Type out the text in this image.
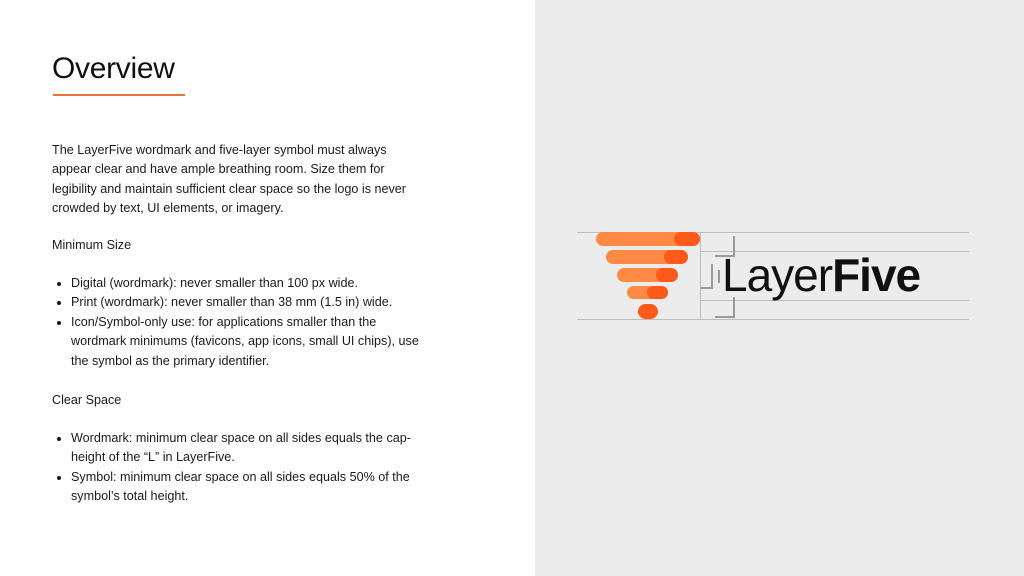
Overview

The LayerFive wordmark and five-layer symbol must always appear clear and have ample breathing room. Size them for legibility and maintain sufficient clear space so the logo is never crowded by text, UI elements, or imagery.

Minimum Size

• Digital (wordmark): never smaller than 100 px wide.
• Print (wordmark): never smaller than 38 mm (1.5 in) wide.
• Icon/Symbol-only use: for applications smaller than the wordmark minimums (favicons, app icons, small UI chips), use the symbol as the primary identifier.

Clear Space

• Wordmark: minimum clear space on all sides equals the cap-height of the “L” in LayerFive.
• Symbol: minimum clear space on all sides equals 50% of the symbol’s total height.
LayerFive
